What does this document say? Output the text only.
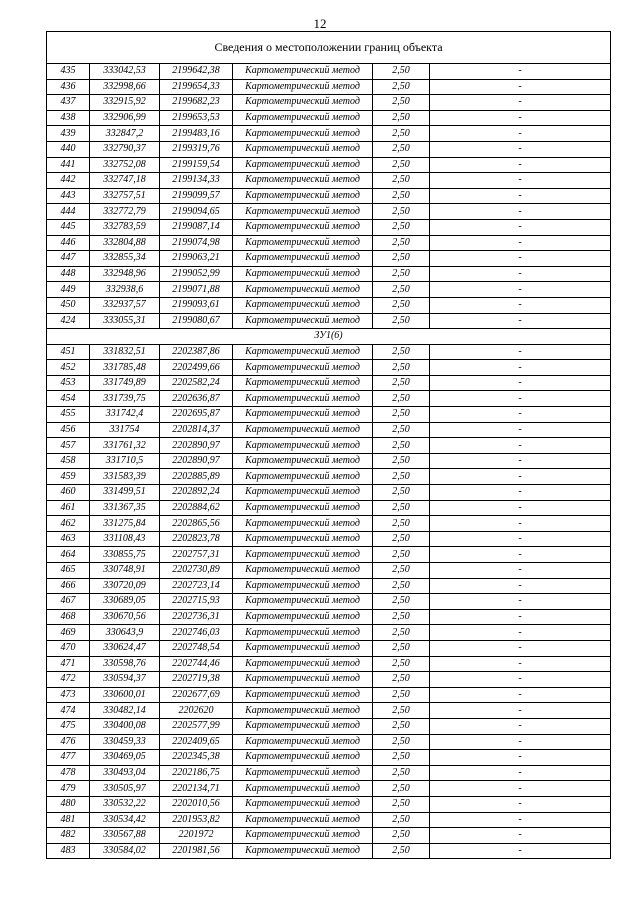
12
Сведения о местоположении границ объекта					
435	333042,53	2199642,38	Картометрический метод	2,50	-
436	332998,66	2199654,33	Картометрический метод	2,50	-
437	332915,92	2199682,23	Картометрический метод	2,50	-
438	332906,99	2199653,53	Картометрический метод	2,50	-
439	332847,2	2199483,16	Картометрический метод	2,50	-
440	332790,37	2199319,76	Картометрический метод	2,50	-
441	332752,08	2199159,54	Картометрический метод	2,50	-
442	332747,18	2199134,33	Картометрический метод	2,50	-
443	332757,51	2199099,57	Картометрический метод	2,50	-
444	332772,79	2199094,65	Картометрический метод	2,50	-
445	332783,59	2199087,14	Картометрический метод	2,50	-
446	332804,88	2199074,98	Картометрический метод	2,50	-
447	332855,34	2199063,21	Картометрический метод	2,50	-
448	332948,96	2199052,99	Картометрический метод	2,50	-
449	332938,6	2199071,88	Картометрический метод	2,50	-
450	332937,57	2199093,61	Картометрический метод	2,50	-
424	333055,31	2199080,67	Картометрический метод	2,50	-
ЗУ1(6)					
451	331832,51	2202387,86	Картометрический метод	2,50	-
452	331785,48	2202499,66	Картометрический метод	2,50	-
453	331749,89	2202582,24	Картометрический метод	2,50	-
454	331739,75	2202636,87	Картометрический метод	2,50	-
455	331742,4	2202695,87	Картометрический метод	2,50	-
456	331754	2202814,37	Картометрический метод	2,50	-
457	331761,32	2202890,97	Картометрический метод	2,50	-
458	331710,5	2202890,97	Картометрический метод	2,50	-
459	331583,39	2202885,89	Картометрический метод	2,50	-
460	331499,51	2202892,24	Картометрический метод	2,50	-
461	331367,35	2202884,62	Картометрический метод	2,50	-
462	331275,84	2202865,56	Картометрический метод	2,50	-
463	331108,43	2202823,78	Картометрический метод	2,50	-
464	330855,75	2202757,31	Картометрический метод	2,50	-
465	330748,91	2202730,89	Картометрический метод	2,50	-
466	330720,09	2202723,14	Картометрический метод	2,50	-
467	330689,05	2202715,93	Картометрический метод	2,50	-
468	330670,56	2202736,31	Картометрический метод	2,50	-
469	330643,9	2202746,03	Картометрический метод	2,50	-
470	330624,47	2202748,54	Картометрический метод	2,50	-
471	330598,76	2202744,46	Картометрический метод	2,50	-
472	330594,37	2202719,38	Картометрический метод	2,50	-
473	330600,01	2202677,69	Картометрический метод	2,50	-
474	330482,14	2202620	Картометрический метод	2,50	-
475	330400,08	2202577,99	Картометрический метод	2,50	-
476	330459,33	2202409,65	Картометрический метод	2,50	-
477	330469,05	2202345,38	Картометрический метод	2,50	-
478	330493,04	2202186,75	Картометрический метод	2,50	-
479	330505,97	2202134,71	Картометрический метод	2,50	-
480	330532,22	2202010,56	Картометрический метод	2,50	-
481	330534,42	2201953,82	Картометрический метод	2,50	-
482	330567,88	2201972	Картометрический метод	2,50	-
483	330584,02	2201981,56	Картометрический метод	2,50	-
